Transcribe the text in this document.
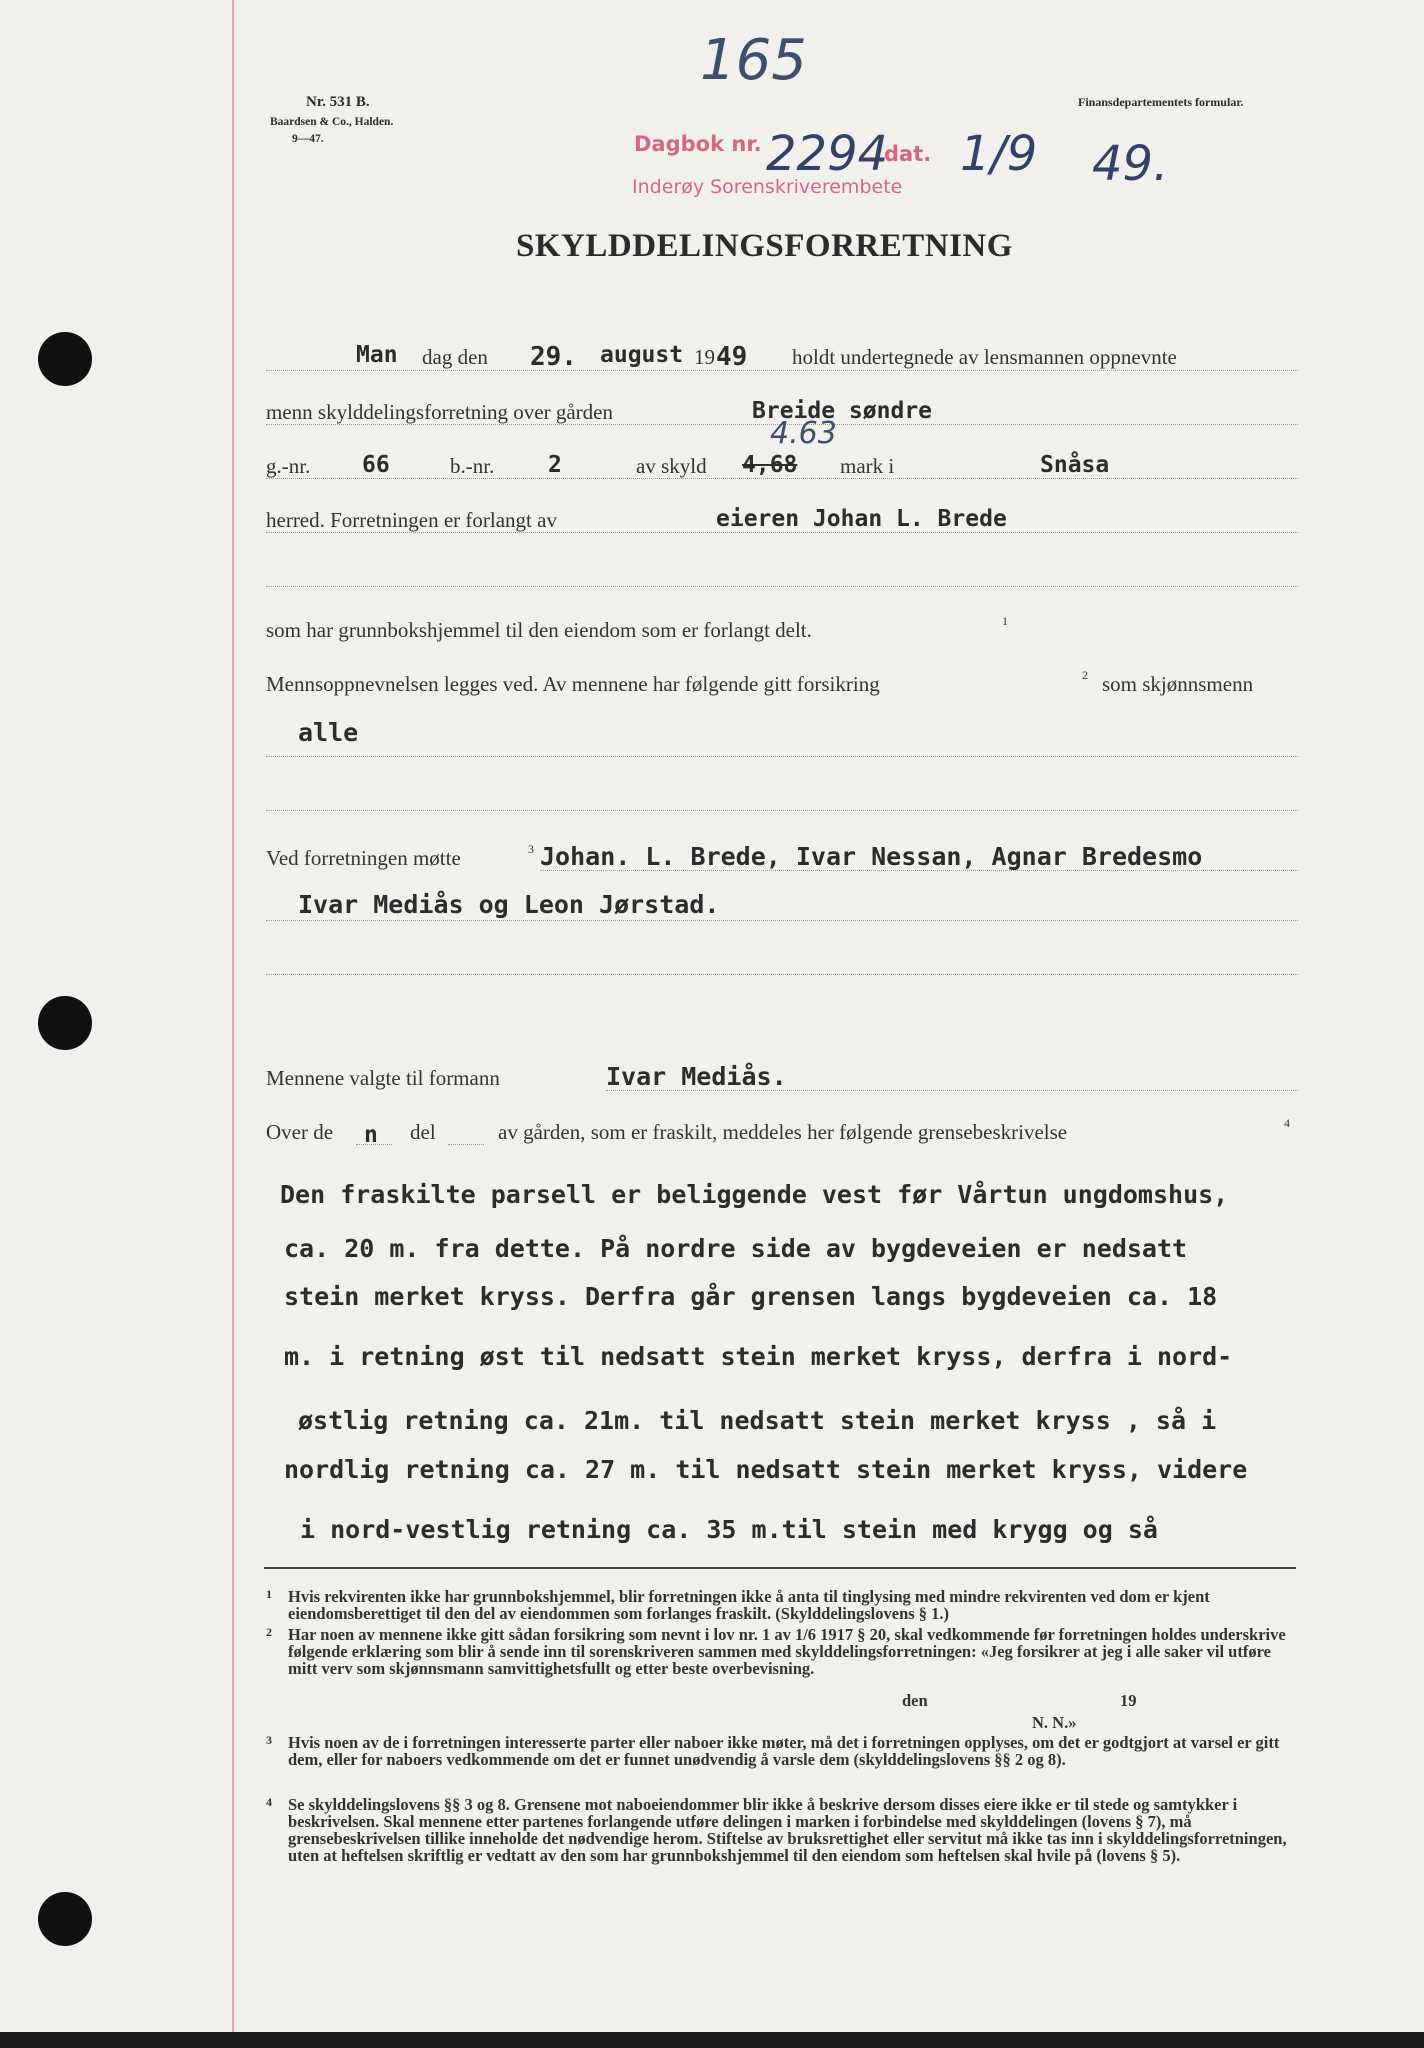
165
Nr. 531 B.
Baardsen & Co., Halden.
9—47.
Finansdepartementets formular.
Dagbok nr.
Inderøy Sorenskriverembete
2294
dat. 1/9 49.
SKYLDDELINGSFORRETNING
Man dag den 29. august 19 49 holdt undertegnede av lensmannen oppnevnte
menn skylddelingsforretning over gården	Breide søndre
g.-nr. 66	b.-nr. 2	av skyld 4,68
4.63
mark i	Snåsa
herred. Forretningen er forlangt av	eieren Johan L. Brede
som har grunnbokshjemmel til den eiendom som er forlangt delt.	1
Mennsoppnevnelsen legges ved. Av mennene har følgende gitt forsikring	2 som skjønnsmenn
alle
Ved forretningen møtte	3 Johan. L. Brede, Ivar Nessan, Agnar Bredesmo
Ivar Mediås og Leon Jørstad.
Mennene valgte til formann	Ivar Mediås.
Over de n del	av gården, som er fraskilt, meddeles her følgende grensebeskrivelse	4
Den fraskilte parsell er beliggende vest før Vårtun ungdomshus,
ca. 20 m. fra dette. På nordre side av bygdeveien er nedsatt
stein merket kryss. Derfra går grensen langs bygdeveien ca. 18
m. i retning øst til nedsatt stein merket kryss, derfra i nord-
østlig retning ca. 21m. til nedsatt stein merket kryss , så i
nordlig retning ca. 27 m. til nedsatt stein merket kryss, videre
i nord-vestlig retning ca. 35 m.til stein med krygg og så
1 Hvis rekvirenten ikke har grunnbokshjemmel, blir forretningen ikke å anta til tinglysing med mindre rekvirenten ved dom er kjent eiendomsberettiget til den del av eiendommen som forlanges fraskilt. (Skylddelingslovens § 1.)
2 Har noen av mennene ikke gitt sådan forsikring som nevnt i lov nr. 1 av 1/6 1917 § 20, skal vedkommende før forretningen holdes underskrive følgende erklæring som blir å sende inn til sorenskriveren sammen med skylddelingsforretningen: «Jeg forsikrer at jeg i alle saker vil utføre mitt verv som skjønnsmann samvittighetsfullt og etter beste overbevisning.
den	19
N. N.»
3 Hvis noen av de i forretningen interesserte parter eller naboer ikke møter, må det i forretningen opplyses, om det er godtgjort at varsel er gitt dem, eller for naboers vedkommende om det er funnet unødvendig å varsle dem (skylddelingslovens §§ 2 og 8).
4 Se skylddelingslovens §§ 3 og 8. Grensene mot naboeiendommer blir ikke å beskrive dersom disses eiere ikke er til stede og samtykker i beskrivelsen. Skal mennene etter partenes forlangende utføre delingen i marken i forbindelse med skylddelingen (lovens § 7), må grensebeskrivelsen tillike inneholde det nødvendige herom. Stiftelse av bruksrettighet eller servitut må ikke tas inn i skylddelingsforretningen, uten at heftelsen skriftlig er vedtatt av den som har grunnbokshjemmel til den eiendom som heftelsen skal hvile på (lovens § 5).
